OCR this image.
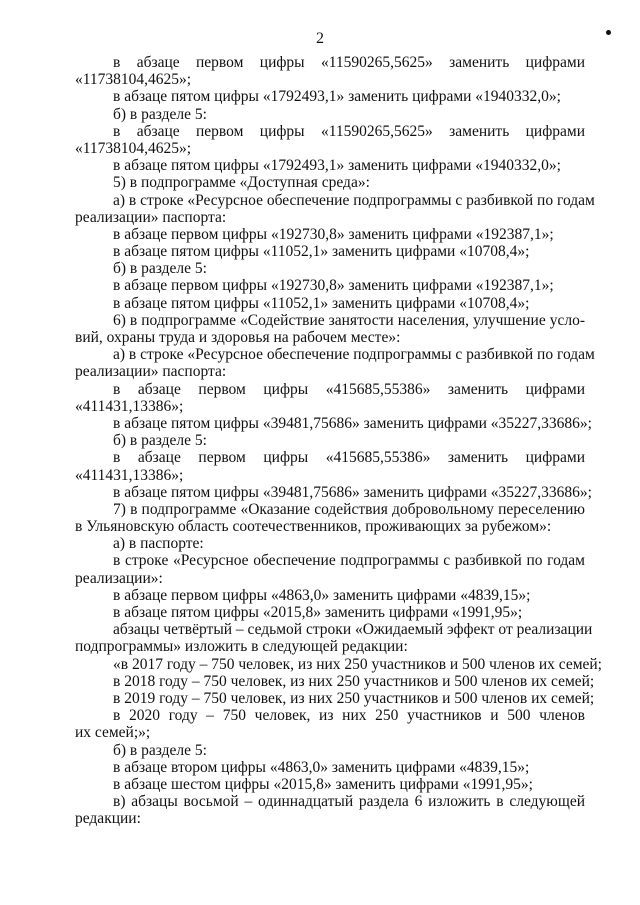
2
в абзаце первом цифры «11590265,5625» заменить цифрами
«11738104,4625»;
в абзаце пятом цифры «1792493,1» заменить цифрами «1940332,0»;
б) в разделе 5:
в абзаце первом цифры «11590265,5625» заменить цифрами
«11738104,4625»;
в абзаце пятом цифры «1792493,1» заменить цифрами «1940332,0»;
5) в подпрограмме «Доступная среда»:
а) в строке «Ресурсное обеспечение подпрограммы с разбивкой по годам
реализации» паспорта:
в абзаце первом цифры «192730,8» заменить цифрами «192387,1»;
в абзаце пятом цифры «11052,1» заменить цифрами «10708,4»;
б) в разделе 5:
в абзаце первом цифры «192730,8» заменить цифрами «192387,1»;
в абзаце пятом цифры «11052,1» заменить цифрами «10708,4»;
6) в подпрограмме «Содействие занятости населения, улучшение усло-
вий, охраны труда и здоровья на рабочем месте»:
а) в строке «Ресурсное обеспечение подпрограммы с разбивкой по годам
реализации» паспорта:
в абзаце первом цифры «415685,55386» заменить цифрами
«411431,13386»;
в абзаце пятом цифры «39481,75686» заменить цифрами «35227,33686»;
б) в разделе 5:
в абзаце первом цифры «415685,55386» заменить цифрами
«411431,13386»;
в абзаце пятом цифры «39481,75686» заменить цифрами «35227,33686»;
7) в подпрограмме «Оказание содействия добровольному переселению
в Ульяновскую область соотечественников, проживающих за рубежом»:
а) в паспорте:
в строке «Ресурсное обеспечение подпрограммы с разбивкой по годам
реализации»:
в абзаце первом цифры «4863,0» заменить цифрами «4839,15»;
в абзаце пятом цифры «2015,8» заменить цифрами «1991,95»;
абзацы четвёртый – седьмой строки «Ожидаемый эффект от реализации
подпрограммы» изложить в следующей редакции:
«в 2017 году – 750 человек, из них 250 участников и 500 членов их семей;
в 2018 году – 750 человек, из них 250 участников и 500 членов их семей;
в 2019 году – 750 человек, из них 250 участников и 500 членов их семей;
в 2020 году – 750 человек, из них 250 участников и 500 членов
их семей;»;
б) в разделе 5:
в абзаце втором цифры «4863,0» заменить цифрами «4839,15»;
в абзаце шестом цифры «2015,8» заменить цифрами «1991,95»;
в) абзацы восьмой – одиннадцатый раздела 6 изложить в следующей
редакции:
